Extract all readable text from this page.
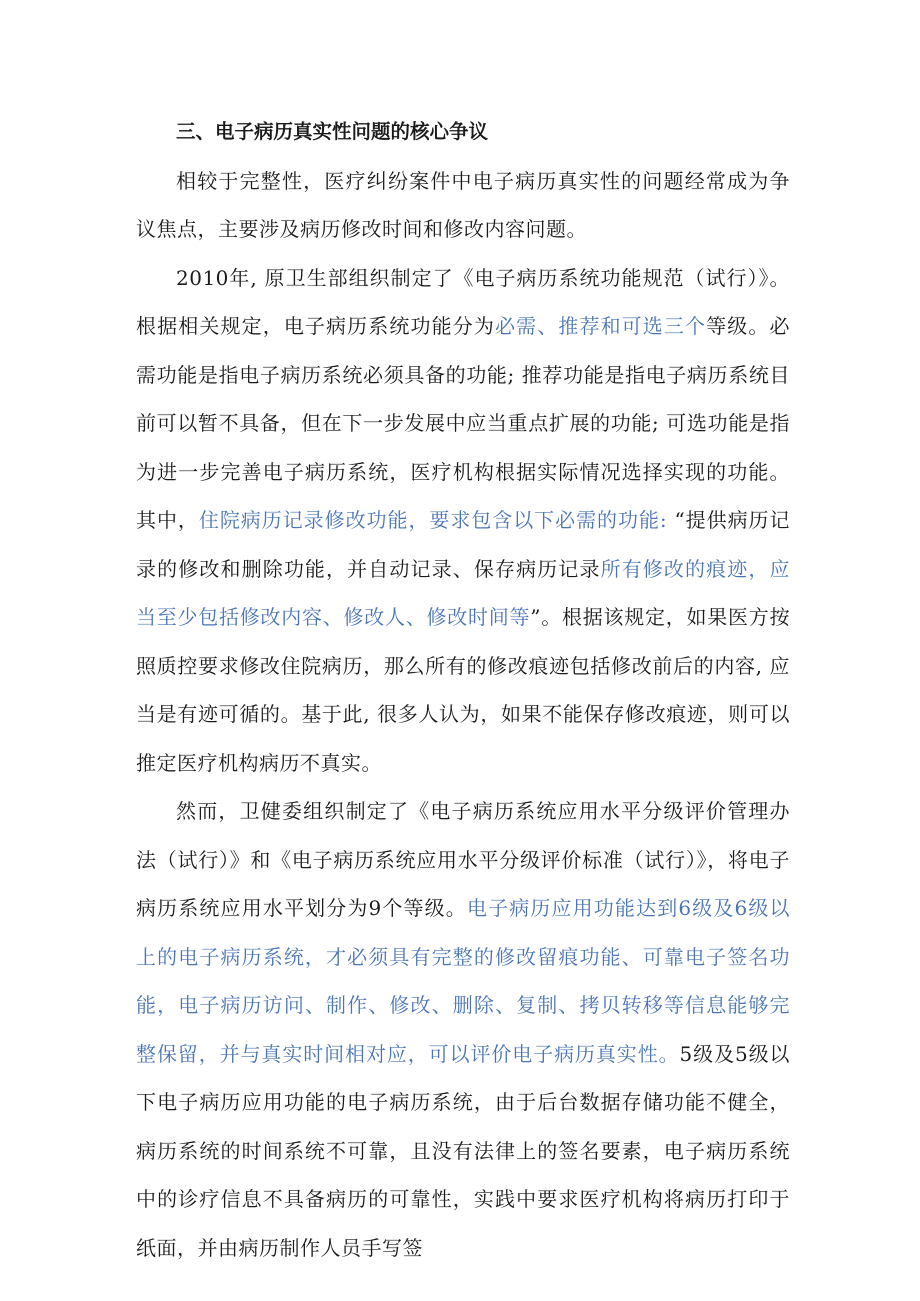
三、电子病历真实性问题的核心争议

相较于完整性，医疗纠纷案件中电子病历真实性的问题经常成为争议焦点，主要涉及病历修改时间和修改内容问题。

2010年, 原卫生部组织制定了《电子病历系统功能规范（试行）》。根据相关规定，电子病历系统功能分为必需、推荐和可选三个等级。必需功能是指电子病历系统必须具备的功能; 推荐功能是指电子病历系统目前可以暂不具备，但在下一步发展中应当重点扩展的功能; 可选功能是指为进一步完善电子病历系统，医疗机构根据实际情况选择实现的功能。其中，住院病历记录修改功能，要求包含以下必需的功能: “提供病历记录的修改和删除功能，并自动记录、保存病历记录所有修改的痕迹，应当至少包括修改内容、修改人、修改时间等”。根据该规定，如果医方按照质控要求修改住院病历，那么所有的修改痕迹包括修改前后的内容, 应当是有迹可循的。基于此, 很多人认为，如果不能保存修改痕迹，则可以推定医疗机构病历不真实。

然而，卫健委组织制定了《电子病历系统应用水平分级评价管理办法（试行）》和《电子病历系统应用水平分级评价标准（试行）》，将电子病历系统应用水平划分为9个等级。电子病历应用功能达到6级及6级以上的电子病历系统，才必须具有完整的修改留痕功能、可靠电子签名功能，电子病历访问、制作、修改、删除、复制、拷贝转移等信息能够完整保留，并与真实时间相对应，可以评价电子病历真实性。5级及5级以下电子病历应用功能的电子病历系统，由于后台数据存储功能不健全，病历系统的时间系统不可靠，且没有法律上的签名要素，电子病历系统中的诊疗信息不具备病历的可靠性，实践中要求医疗机构将病历打印于纸面，并由病历制作人员手写签
